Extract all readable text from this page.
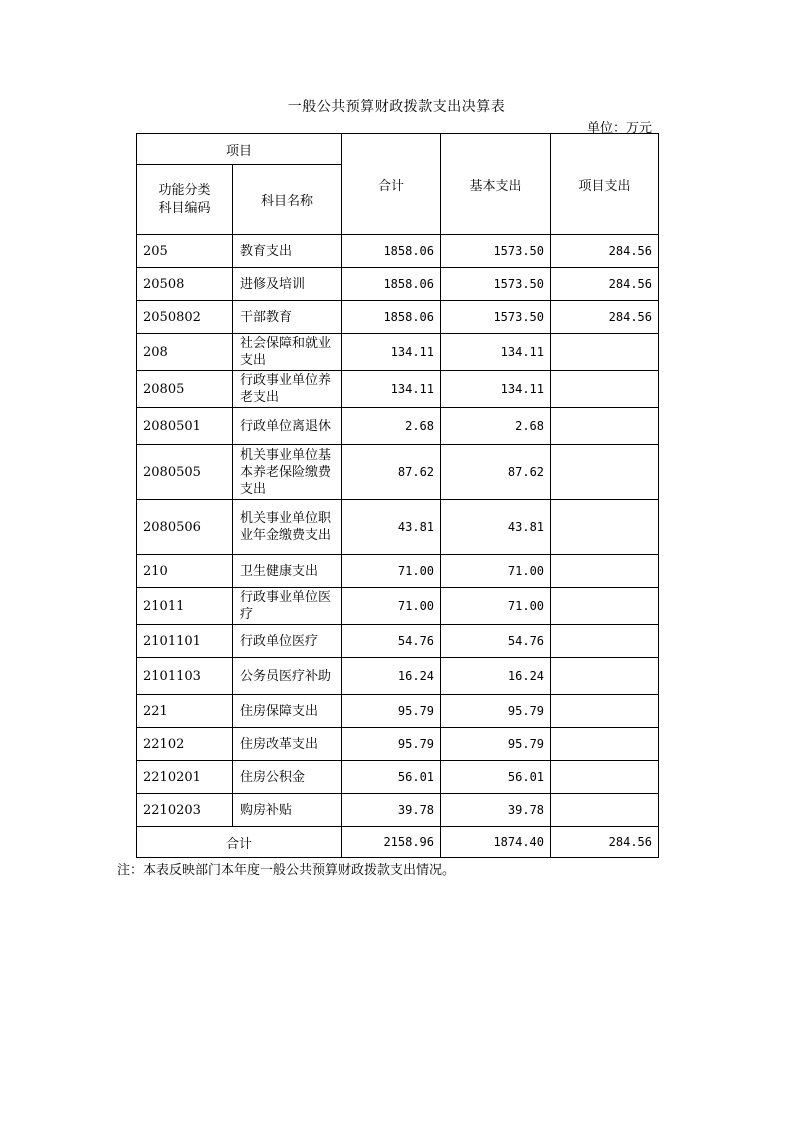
一般公共预算财政拨款支出决算表
单位：万元
项目		合计	基本支出	项目支出
功能分类科目编码	科目名称			
205	教育支出	1858.06	1573.50	284.56
20508	进修及培训	1858.06	1573.50	284.56
2050802	干部教育	1858.06	1573.50	284.56
208	社会保障和就业支出	134.11	134.11	
20805	行政事业单位养老支出	134.11	134.11	
2080501	行政单位离退休	2.68	2.68	
2080505	机关事业单位基本养老保险缴费支出	87.62	87.62	
2080506	机关事业单位职业年金缴费支出	43.81	43.81	
210	卫生健康支出	71.00	71.00	
21011	行政事业单位医疗	71.00	71.00	
2101101	行政单位医疗	54.76	54.76	
2101103	公务员医疗补助	16.24	16.24	
221	住房保障支出	95.79	95.79	
22102	住房改革支出	95.79	95.79	
2210201	住房公积金	56.01	56.01	
2210203	购房补贴	39.78	39.78	
合计		2158.96	1874.40	284.56
注：本表反映部门本年度一般公共预算财政拨款支出情况。
